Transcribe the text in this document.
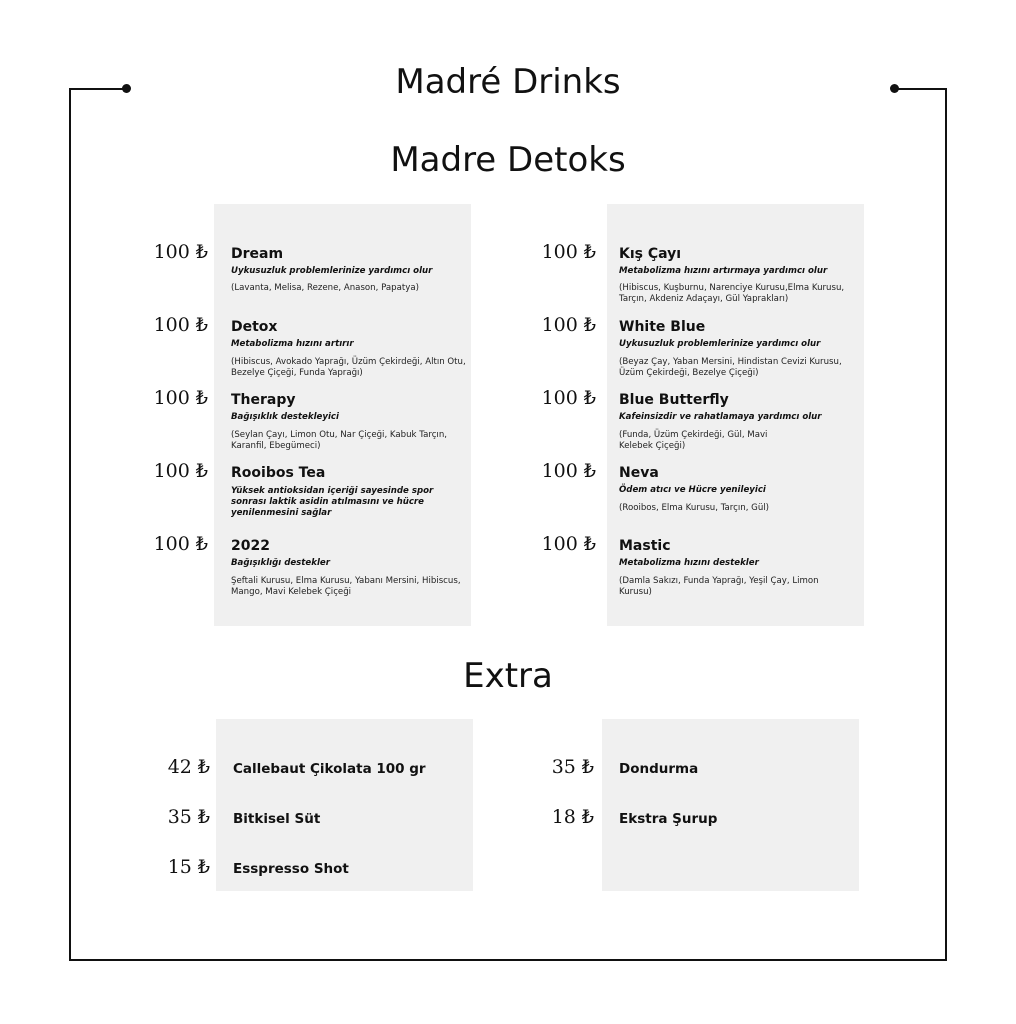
Madré Drinks
Madre Detoks
Extra
100 ₺ Dream
Uykusuzluk problemlerinize yardımcı olur
(Lavanta, Melisa, Rezene, Anason, Papatya)
100 ₺ Detox
Metabolizma hızını artırır
(Hibiscus, Avokado Yaprağı, Üzüm Çekirdeği, Altın Otu, Bezelye Çiçeği, Funda Yaprağı)
100 ₺ Therapy
Bağışıklık destekleyici
(Seylan Çayı, Limon Otu, Nar Çiçeği, Kabuk Tarçın, Karanfil, Ebegümeci)
100 ₺ Rooibos Tea
Yüksek antioksidan içeriği sayesinde spor sonrası laktik asidin atılmasını ve hücre yenilenmesini sağlar
100 ₺ 2022
Bağışıklığı destekler
Şeftali Kurusu, Elma Kurusu, Yabanı Mersini, Hibiscus, Mango, Mavi Kelebek Çiçeği
100 ₺ Kış Çayı
Metabolizma hızını artırmaya yardımcı olur
(Hibiscus, Kuşburnu, Narenciye Kurusu,Elma Kurusu, Tarçın, Akdeniz Adaçayı, Gül Yaprakları)
100 ₺ White Blue
Uykusuzluk problemlerinize yardımcı olur
(Beyaz Çay, Yaban Mersini, Hindistan Cevizi Kurusu, Üzüm Çekirdeği, Bezelye Çiçeği)
100 ₺ Blue Butterfly
Kafeinsizdir ve rahatlamaya yardımcı olur
(Funda, Üzüm Çekirdeği, Gül, Mavi Kelebek Çiçeği)
100 ₺ Neva
Ödem atıcı ve Hücre yenileyici
(Rooibos, Elma Kurusu, Tarçın, Gül)
100 ₺ Mastic
Metabolizma hızını destekler
(Damla Sakızı, Funda Yaprağı, Yeşil Çay, Limon Kurusu)
42 ₺ Callebaut Çikolata 100 gr
35 ₺ Bitkisel Süt
15 ₺ Esspresso Shot
35 ₺ Dondurma
18 ₺ Ekstra Şurup
